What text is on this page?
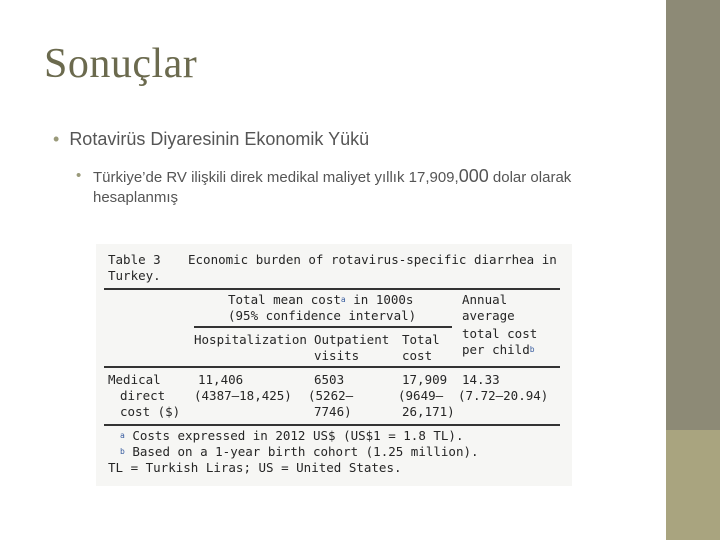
Sonuçlar
• Rotavirüs Diyaresinin Ekonomik Yükü
• Türkiye’de RV ilişkili direk medikal maliyet yıllık 17,909,000 dolar olarak hesaplanmış
Table 3
Turkey.
Economic burden of rotavirus-specific diarrhea in
Total mean cost$^a$ in 1000s
(95% confidence interval)
Annual
average
total cost
per child$^b$
Hospitalization Outpatient
visits
Total
cost
Medical
direct
cost ($)
11,406
(4387—18,425)
6503
(5262—
7746)
17,909
(9649—
26,171)
14.33
(7.72—20.94)
$^a$ Costs expressed in 2012 US$ (US$1 = 1.8 TL).
$^b$ Based on a 1-year birth cohort (1.25 million).
TL = Turkish Liras; US = United States.
